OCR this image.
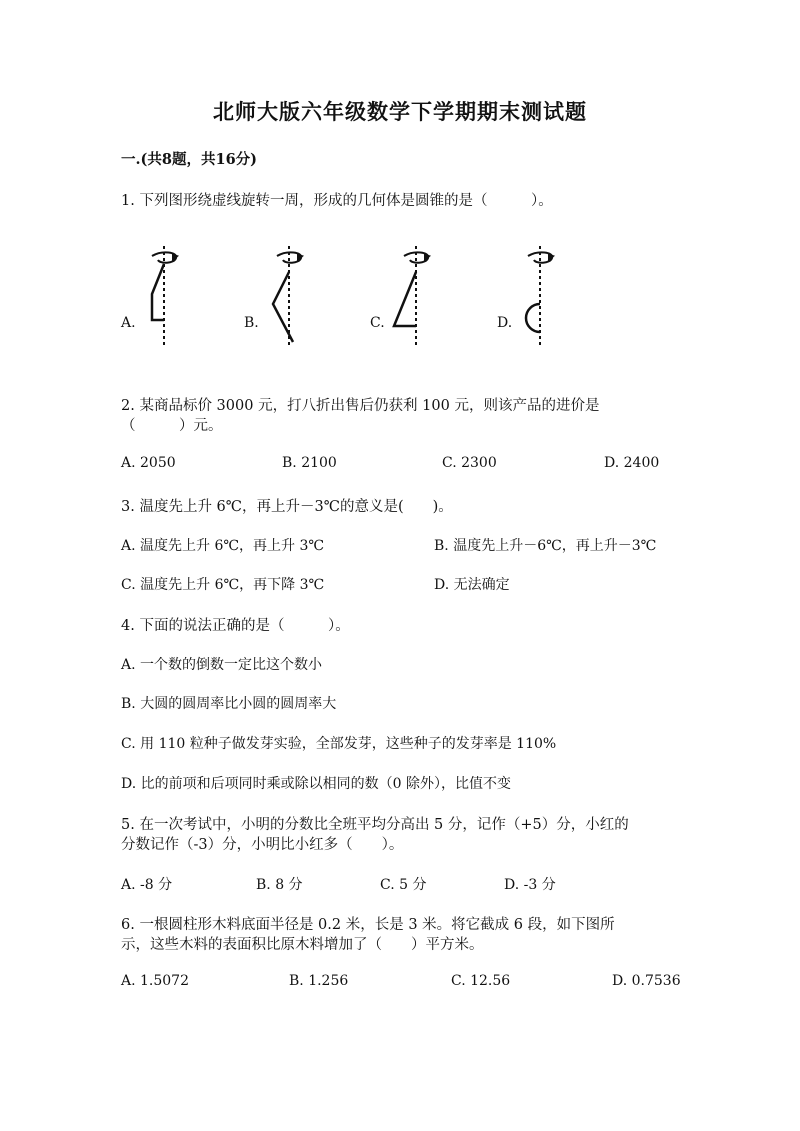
北师大版六年级数学下学期期末测试题
一.(共8题，共16分)
1. 下列图形绕虚线旋转一周，形成的几何体是圆锥的是（　　　）。
A.	B.	C.	D.
2. 某商品标价 3000 元，打八折出售后仍获利 100 元，则该产品的进价是
（　　　）元。
A. 2050	B. 2100	C. 2300	D. 2400
3. 温度先上升 6℃，再上升－3℃的意义是(　　)。
A. 温度先上升 6℃，再上升 3℃	B. 温度先上升－6℃，再上升－3℃
C. 温度先上升 6℃，再下降 3℃	D. 无法确定
4. 下面的说法正确的是（　　　）。
A. 一个数的倒数一定比这个数小
B. 大圆的圆周率比小圆的圆周率大
C. 用 110 粒种子做发芽实验，全部发芽，这些种子的发芽率是 110%
D. 比的前项和后项同时乘或除以相同的数（0 除外），比值不变
5. 在一次考试中，小明的分数比全班平均分高出 5 分，记作（+5）分，小红的
分数记作（-3）分，小明比小红多（　　）。
A. -8 分	B. 8 分	C. 5 分	D. -3 分
6. 一根圆柱形木料底面半径是 0.2 米，长是 3 米。将它截成 6 段，如下图所
示，这些木料的表面积比原木料增加了（　　）平方米。
A. 1.5072	B. 1.256	C. 12.56	D. 0.7536
